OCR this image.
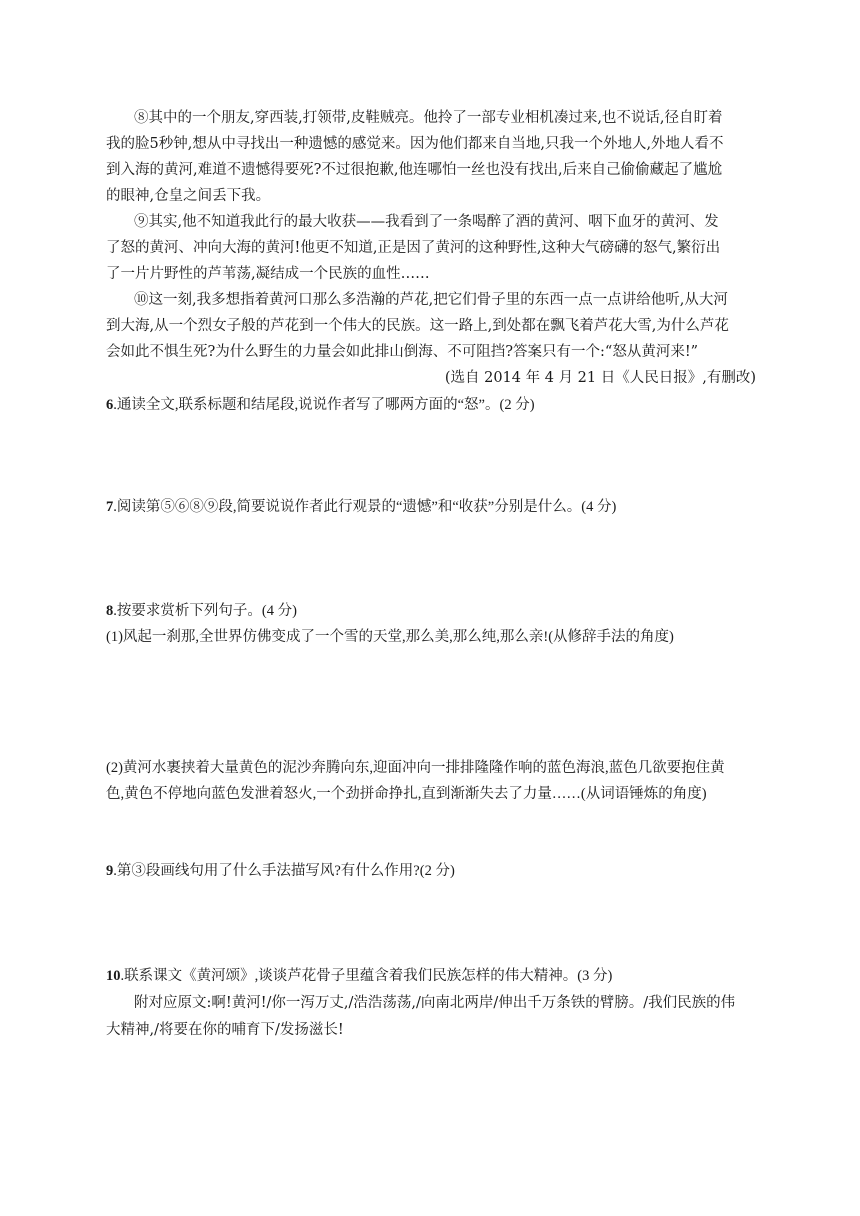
⑧其中的一个朋友,穿西装,打领带,皮鞋贼亮。他拎了一部专业相机凑过来,也不说话,径自盯着
我的脸5秒钟,想从中寻找出一种遗憾的感觉来。因为他们都来自当地,只我一个外地人,外地人看不
到入海的黄河,难道不遗憾得要死?不过很抱歉,他连哪怕一丝也没有找出,后来自己偷偷藏起了尴尬
的眼神,仓皇之间丢下我。
⑨其实,他不知道我此行的最大收获——我看到了一条喝醉了酒的黄河、咽下血牙的黄河、发
了怒的黄河、冲向大海的黄河!他更不知道,正是因了黄河的这种野性,这种大气磅礴的怒气,繁衍出
了一片片野性的芦苇荡,凝结成一个民族的血性……
⑩这一刻,我多想指着黄河口那么多浩瀚的芦花,把它们骨子里的东西一点一点讲给他听,从大河
到大海,从一个烈女子般的芦花到一个伟大的民族。这一路上,到处都在飘飞着芦花大雪,为什么芦花
会如此不惧生死?为什么野生的力量会如此排山倒海、不可阻挡?答案只有一个:“怒从黄河来!”
(选自 2014 年 4 月 21 日《人民日报》,有删改)
6.通读全文,联系标题和结尾段,说说作者写了哪两方面的“怒”。(2 分)
7.阅读第⑤⑥⑧⑨段,简要说说作者此行观景的“遗憾”和“收获”分别是什么。(4 分)
8.按要求赏析下列句子。(4 分)
(1)风起一刹那,全世界仿佛变成了一个雪的天堂,那么美,那么纯,那么亲!(从修辞手法的角度)
(2)黄河水裹挟着大量黄色的泥沙奔腾向东,迎面冲向一排排隆隆作响的蓝色海浪,蓝色几欲要抱住黄
色,黄色不停地向蓝色发泄着怒火,一个劲拼命挣扎,直到渐渐失去了力量……(从词语锤炼的角度)
9.第③段画线句用了什么手法描写风?有什么作用?(2 分)
10.联系课文《黄河颂》,谈谈芦花骨子里蕴含着我们民族怎样的伟大精神。(3 分)
附对应原文:啊!黄河!/你一泻万丈,/浩浩荡荡,/向南北两岸/伸出千万条铁的臂膀。/我们民族的伟
大精神,/将要在你的哺育下/发扬滋长!
